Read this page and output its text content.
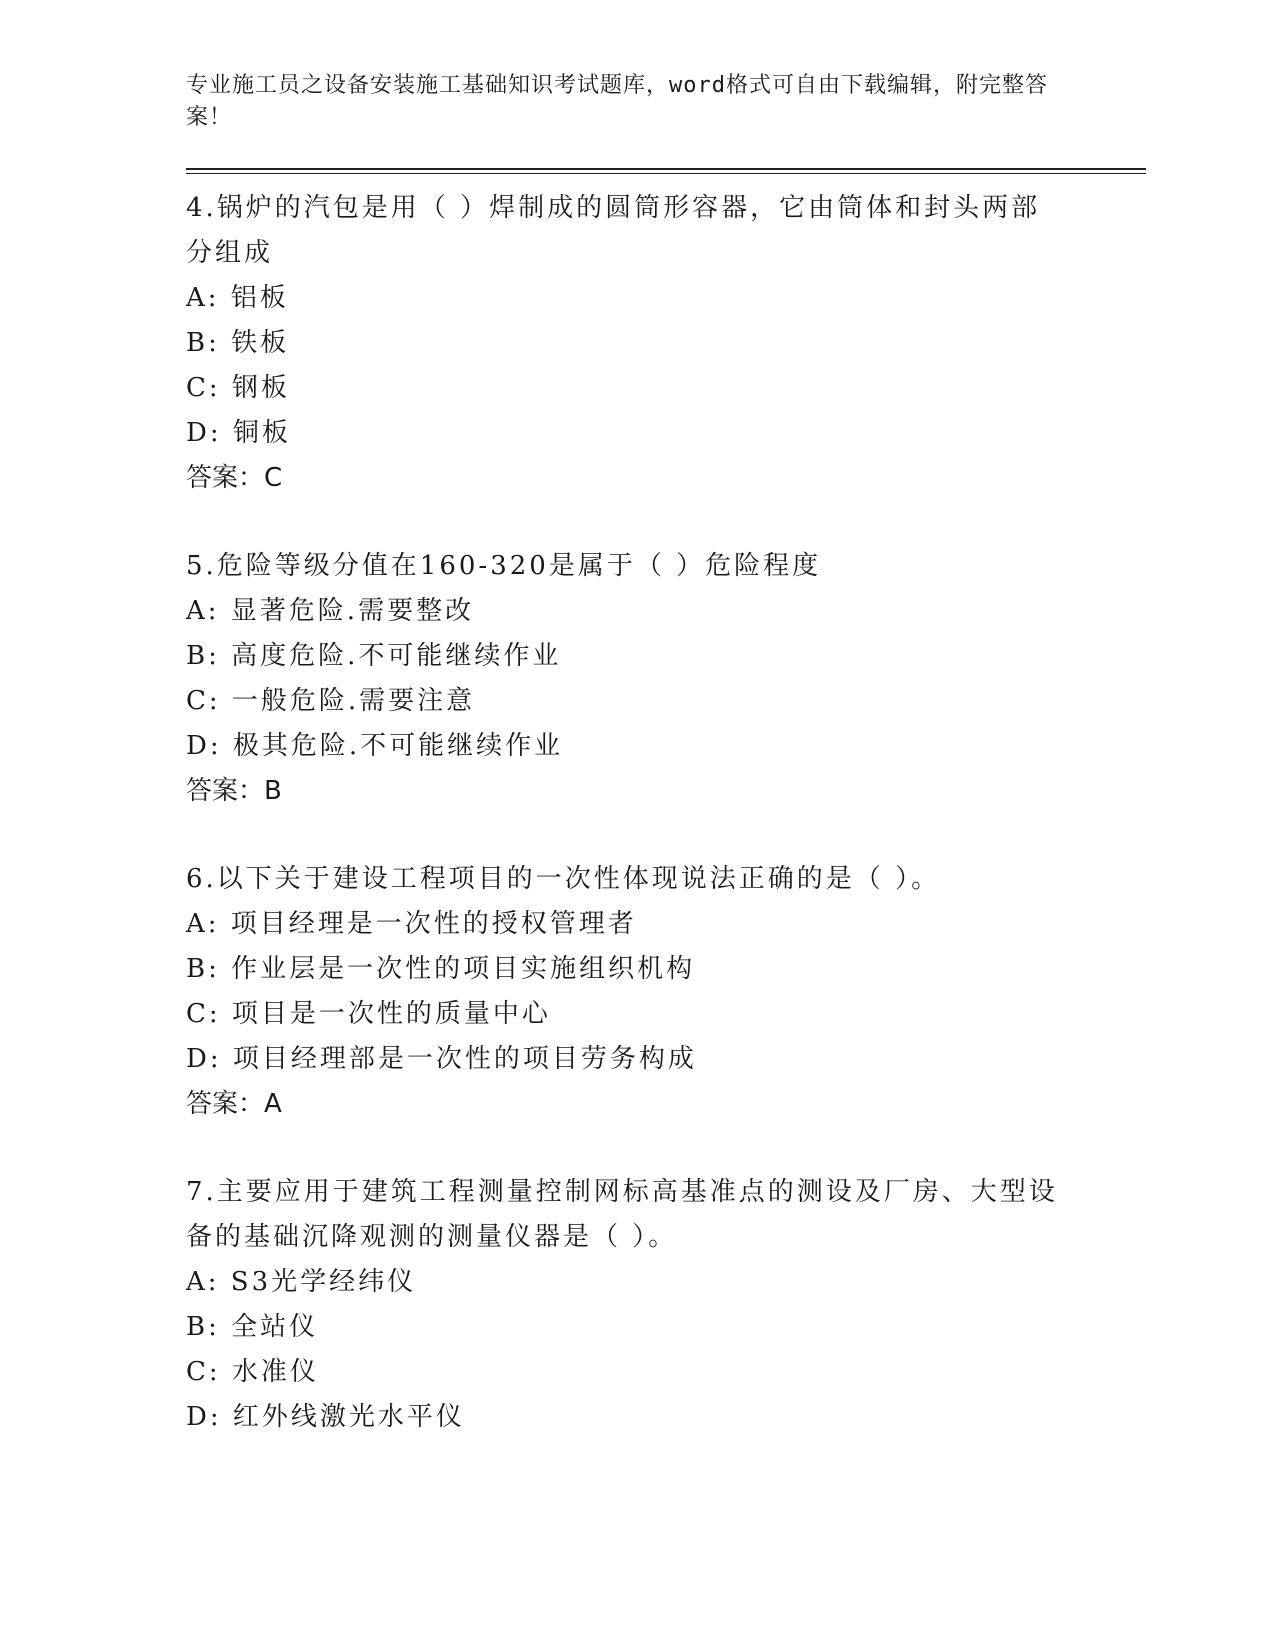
专业施工员之设备安装施工基础知识考试题库，word格式可自由下载编辑，附完整答案！
4.锅炉的汽包是用（ ）焊制成的圆筒形容器，它由筒体和封头两部分组成
A: 铝板
B: 铁板
C: 钢板
D: 铜板
答案：C
5.危险等级分值在160-320是属于（ ）危险程度
A: 显著危险.需要整改
B: 高度危险.不可能继续作业
C: 一般危险.需要注意
D: 极其危险.不可能继续作业
答案：B
6.以下关于建设工程项目的一次性体现说法正确的是（ ）。
A: 项目经理是一次性的授权管理者
B: 作业层是一次性的项目实施组织机构
C: 项目是一次性的质量中心
D: 项目经理部是一次性的项目劳务构成
答案：A
7.主要应用于建筑工程测量控制网标高基准点的测设及厂房、大型设备的基础沉降观测的测量仪器是（ ）。
A: S3光学经纬仪
B: 全站仪
C: 水准仪
D: 红外线激光水平仪
